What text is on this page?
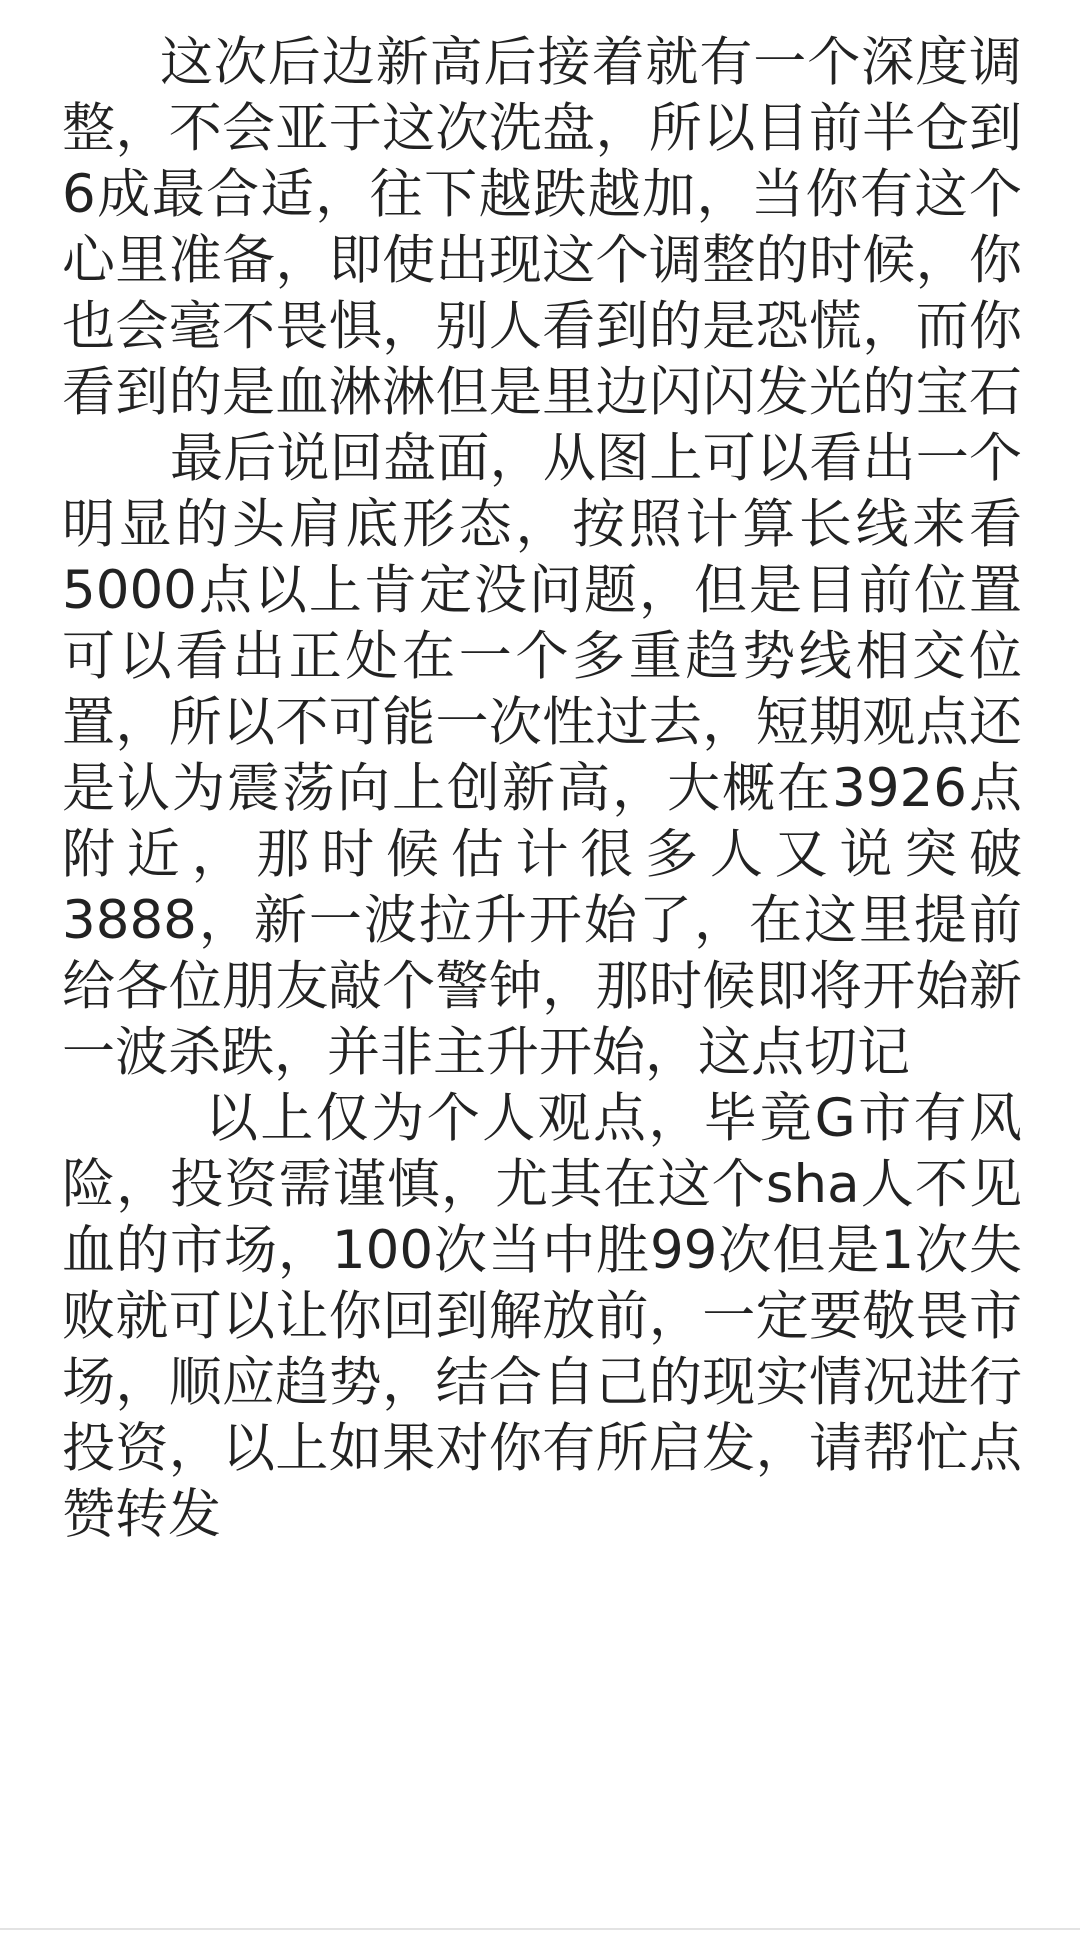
这次后边新高后接着就有一个深度调
整，不会亚于这次洗盘，所以目前半仓到
6成最合适，往下越跌越加，当你有这个
心里准备，即使出现这个调整的时候，你
也会毫不畏惧，别人看到的是恐慌，而你
看到的是血淋淋但是里边闪闪发光的宝石
最后说回盘面，从图上可以看出一个
明显的头肩底形态，按照计算长线来看
5000点以上肯定没问题，但是目前位置
可以看出正处在一个多重趋势线相交位
置，所以不可能一次性过去，短期观点还
是认为震荡向上创新高，大概在3926点
附近，那时候估计很多人又说突破
3888，新一波拉升开始了，在这里提前
给各位朋友敲个警钟，那时候即将开始新
一波杀跌，并非主升开始，这点切记
以上仅为个人观点，毕竟G市有风
险，投资需谨慎，尤其在这个sha人不见
血的市场，100次当中胜99次但是1次失
败就可以让你回到解放前，一定要敬畏市
场，顺应趋势，结合自己的现实情况进行
投资，以上如果对你有所启发，请帮忙点
赞转发
